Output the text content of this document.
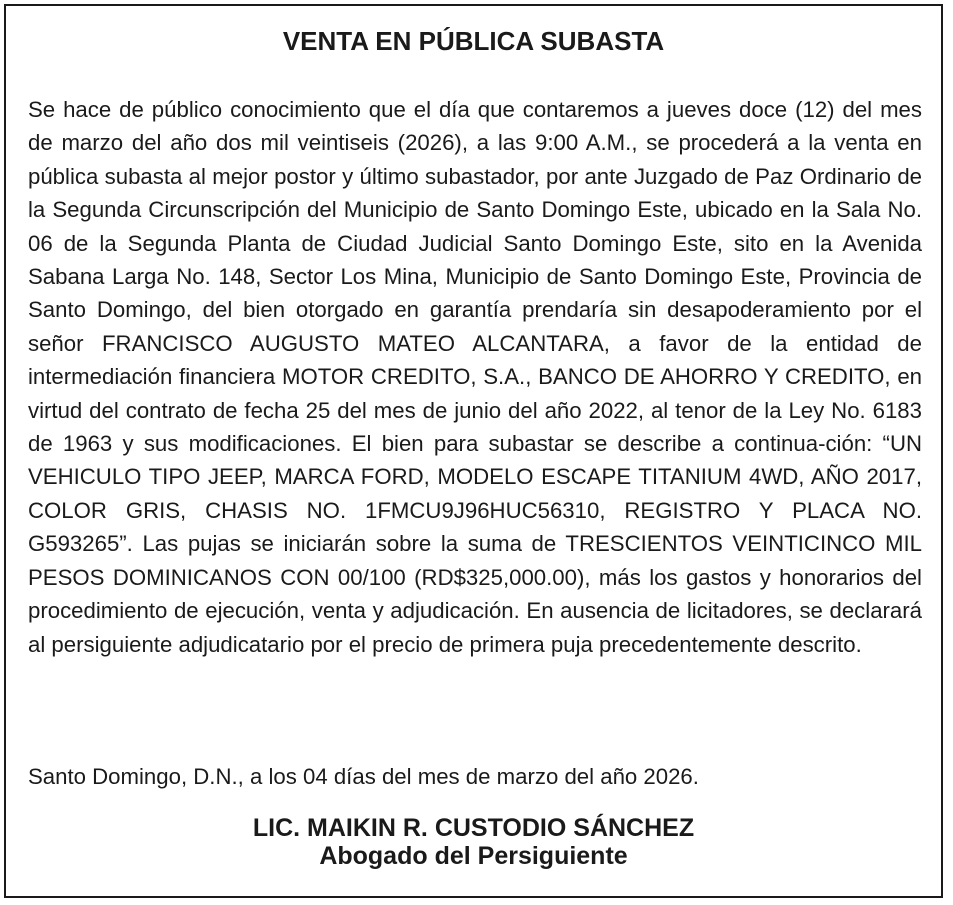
VENTA EN PÚBLICA SUBASTA

Se hace de público conocimiento que el día que contaremos a jueves doce (12) del mes de marzo del año dos mil veintiseis (2026), a las 9:00 A.M., se procederá a la venta en pública subasta al mejor postor y último subastador, por ante Juzgado de Paz Ordinario de la Segunda Circunscripción del Municipio de Santo Domingo Este, ubicado en la Sala No. 06 de la Segunda Planta de Ciudad Judicial Santo Domingo Este, sito en la Avenida Sabana Larga No. 148, Sector Los Mina, Municipio de Santo Domingo Este, Provincia de Santo Domingo, del bien otorgado en garantía prendaría sin desapoderamiento por el señor FRANCISCO AUGUSTO MATEO ALCANTARA, a favor de la entidad de intermediación financiera MOTOR CREDITO, S.A., BANCO DE AHORRO Y CREDITO, en virtud del contrato de fecha 25 del mes de junio del año 2022, al tenor de la Ley No. 6183 de 1963 y sus modificaciones. El bien para subastar se describe a continua-ción: “UN VEHICULO TIPO JEEP, MARCA FORD, MODELO ESCAPE TITANIUM 4WD, AÑO 2017, COLOR GRIS, CHASIS NO. 1FMCU9J96HUC56310, REGISTRO Y PLACA NO. G593265”. Las pujas se iniciarán sobre la suma de TRESCIENTOS VEINTICINCO MIL PESOS DOMINICANOS CON 00/100 (RD$325,000.00), más los gastos y honorarios del procedimiento de ejecución, venta y adjudicación. En ausencia de licitadores, se declarará al persiguiente adjudicatario por el precio de primera puja precedentemente descrito.

Santo Domingo, D.N., a los 04 días del mes de marzo del año 2026.

LIC. MAIKIN R. CUSTODIO SÁNCHEZ
Abogado del Persiguiente
